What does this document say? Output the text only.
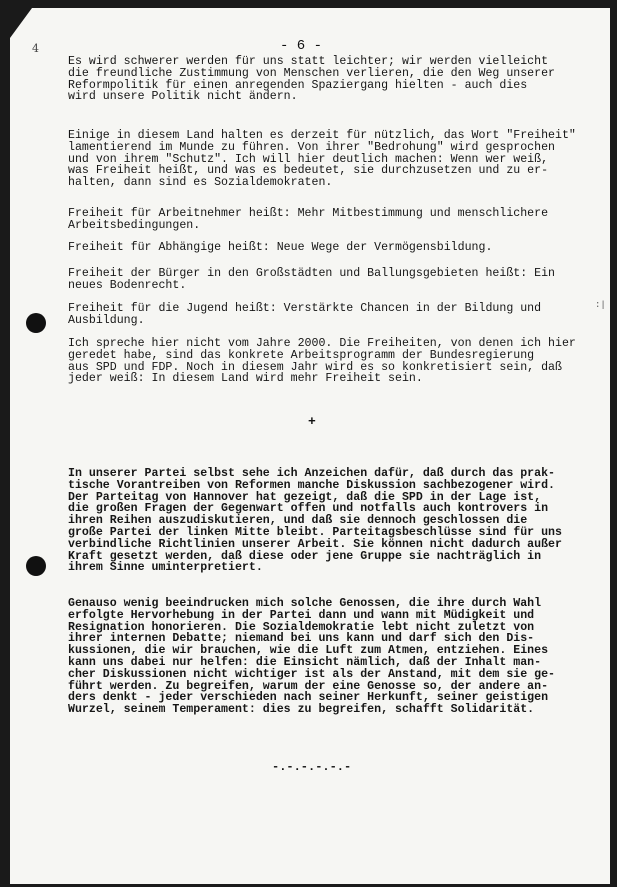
4	- 6 -
:|
Es wird schwerer werden für uns statt leichter; wir werden vielleicht
die freundliche Zustimmung von Menschen verlieren, die den Weg unserer
Reformpolitik für einen anregenden Spaziergang hielten - auch dies
wird unsere Politik nicht ändern.
Einige in diesem Land halten es derzeit für nützlich, das Wort "Freiheit"
lamentierend im Munde zu führen. Von ihrer "Bedrohung" wird gesprochen
und von ihrem "Schutz". Ich will hier deutlich machen: Wenn wer weiß,
was Freiheit heißt, und was es bedeutet, sie durchzusetzen und zu er-
halten, dann sind es Sozialdemokraten.
Freiheit für Arbeitnehmer heißt: Mehr Mitbestimmung und menschlichere
Arbeitsbedingungen.
Freiheit für Abhängige heißt: Neue Wege der Vermögensbildung.
Freiheit der Bürger in den Großstädten und Ballungsgebieten heißt: Ein
neues Bodenrecht.
Freiheit für die Jugend heißt: Verstärkte Chancen in der Bildung und
Ausbildung.
Ich spreche hier nicht vom Jahre 2000. Die Freiheiten, von denen ich hier
geredet habe, sind das konkrete Arbeitsprogramm der Bundesregierung
aus SPD und FDP. Noch in diesem Jahr wird es so konkretisiert sein, daß
jeder weiß: In diesem Land wird mehr Freiheit sein.
+
In unserer Partei selbst sehe ich Anzeichen dafür, daß durch das prak-
tische Vorantreiben von Reformen manche Diskussion sachbezogener wird.
Der Parteitag von Hannover hat gezeigt, daß die SPD in der Lage ist,
die großen Fragen der Gegenwart offen und notfalls auch kontrovers in
ihren Reihen auszudiskutieren, und daß sie dennoch geschlossen die
große Partei der linken Mitte bleibt. Parteitagsbeschlüsse sind für uns
verbindliche Richtlinien unserer Arbeit. Sie können nicht dadurch außer
Kraft gesetzt werden, daß diese oder jene Gruppe sie nachträglich in
ihrem Sinne uminterpretiert.
Genauso wenig beeindrucken mich solche Genossen, die ihre durch Wahl
erfolgte Hervorhebung in der Partei dann und wann mit Müdigkeit und
Resignation honorieren. Die Sozialdemokratie lebt nicht zuletzt von
ihrer internen Debatte; niemand bei uns kann und darf sich den Dis-
kussionen, die wir brauchen, wie die Luft zum Atmen, entziehen. Eines
kann uns dabei nur helfen: die Einsicht nämlich, daß der Inhalt man-
cher Diskussionen nicht wichtiger ist als der Anstand, mit dem sie ge-
führt werden. Zu begreifen, warum der eine Genosse so, der andere an-
ders denkt - jeder verschieden nach seiner Herkunft, seiner geistigen
Wurzel, seinem Temperament: dies zu begreifen, schafft Solidarität.
-.-.-.-.-.-
